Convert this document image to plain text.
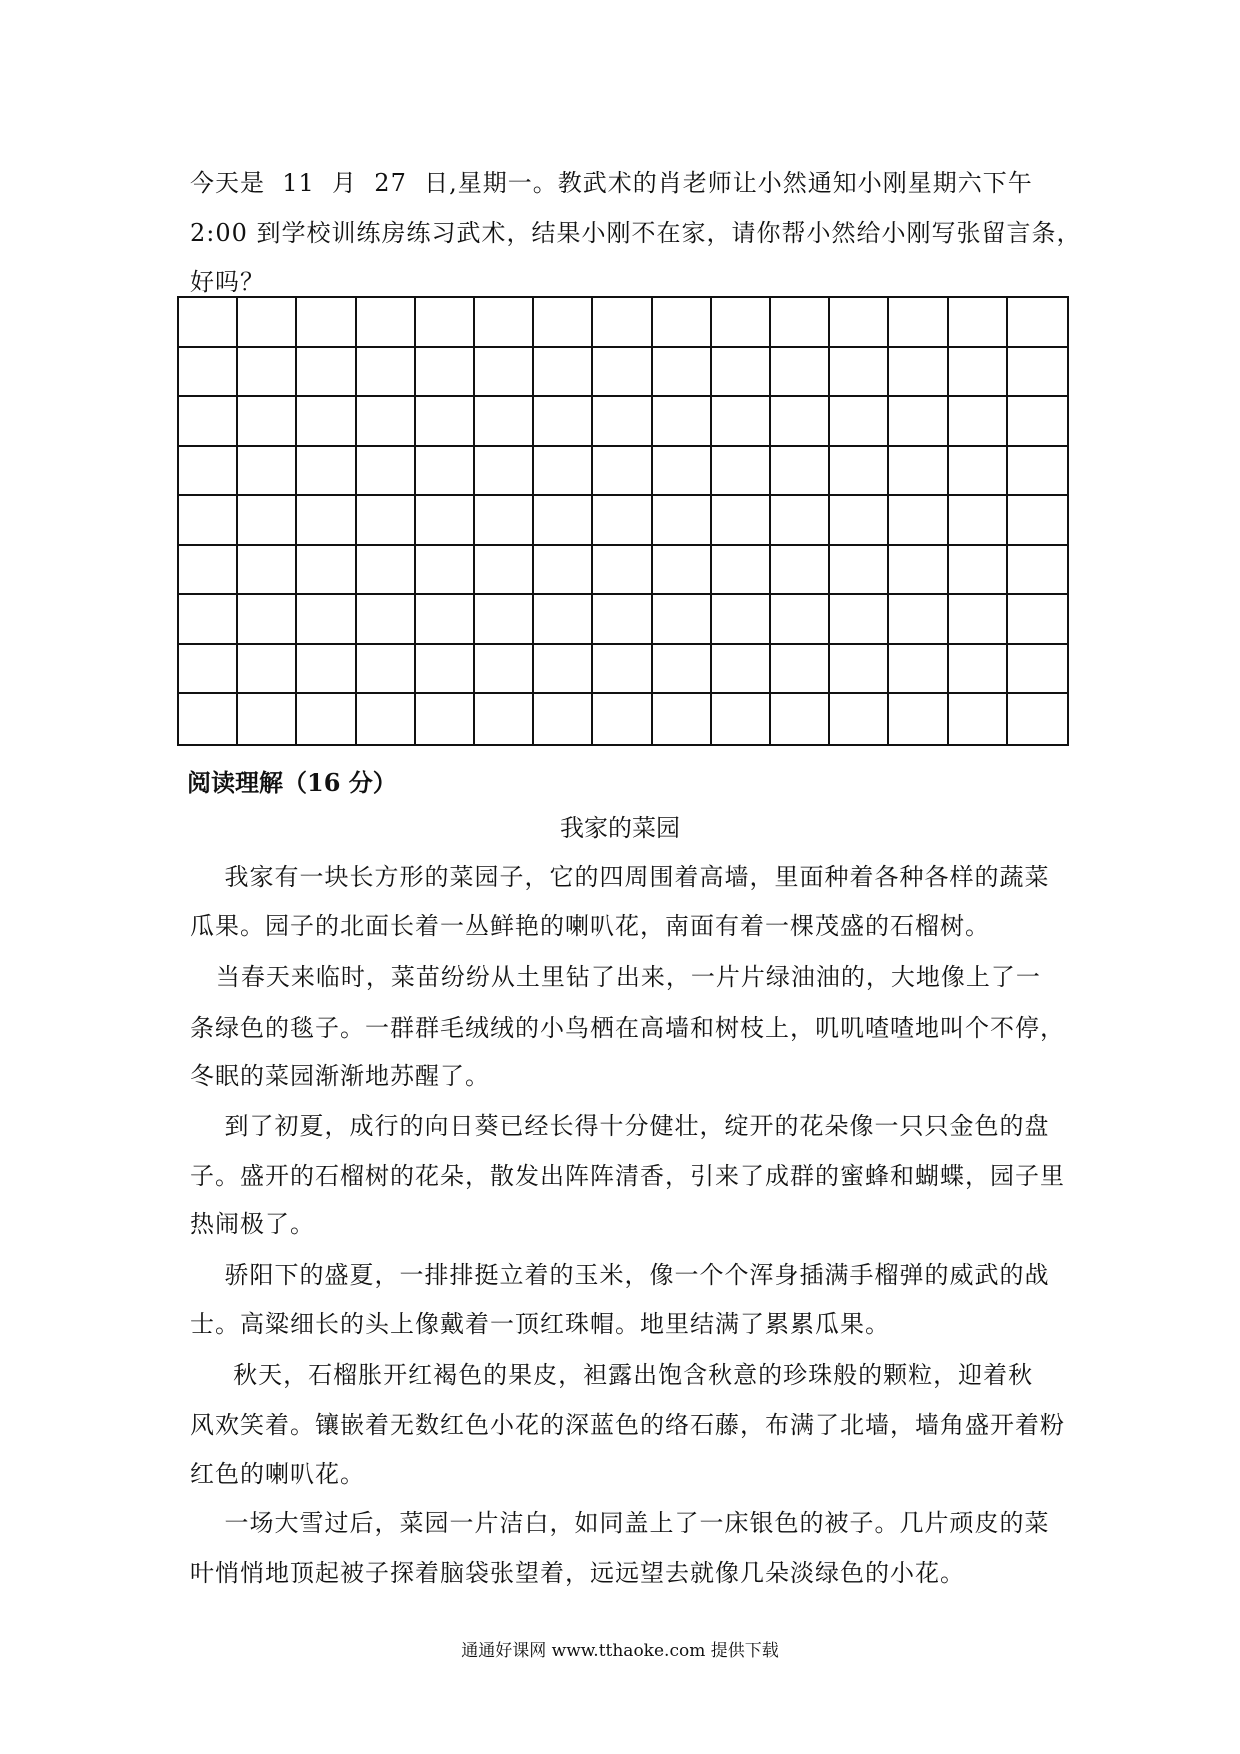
今天是  11  月  27  日,星期一。教武术的肖老师让小然通知小刚星期六下午
2:00 到学校训练房练习武术，结果小刚不在家，请你帮小然给小刚写张留言条，
好吗？
阅读理解（16 分）
我家的菜园
我家有一块长方形的菜园子，它的四周围着高墙，里面种着各种各样的蔬菜
瓜果。园子的北面长着一丛鲜艳的喇叭花，南面有着一棵茂盛的石榴树。
当春天来临时，菜苗纷纷从土里钻了出来，一片片绿油油的，大地像上了一
条绿色的毯子。一群群毛绒绒的小鸟栖在高墙和树枝上，叽叽喳喳地叫个不停，
冬眠的菜园渐渐地苏醒了。
到了初夏，成行的向日葵已经长得十分健壮，绽开的花朵像一只只金色的盘
子。盛开的石榴树的花朵，散发出阵阵清香，引来了成群的蜜蜂和蝴蝶，园子里
热闹极了。
骄阳下的盛夏，一排排挺立着的玉米，像一个个浑身插满手榴弹的威武的战
士。高粱细长的头上像戴着一顶红珠帽。地里结满了累累瓜果。
秋天，石榴胀开红褐色的果皮，袒露出饱含秋意的珍珠般的颗粒，迎着秋
风欢笑着。镶嵌着无数红色小花的深蓝色的络石藤，布满了北墙，墙角盛开着粉
红色的喇叭花。
一场大雪过后，菜园一片洁白，如同盖上了一床银色的被子。几片顽皮的菜
叶悄悄地顶起被子探着脑袋张望着，远远望去就像几朵淡绿色的小花。
通通好课网 www.tthaoke.com 提供下载
